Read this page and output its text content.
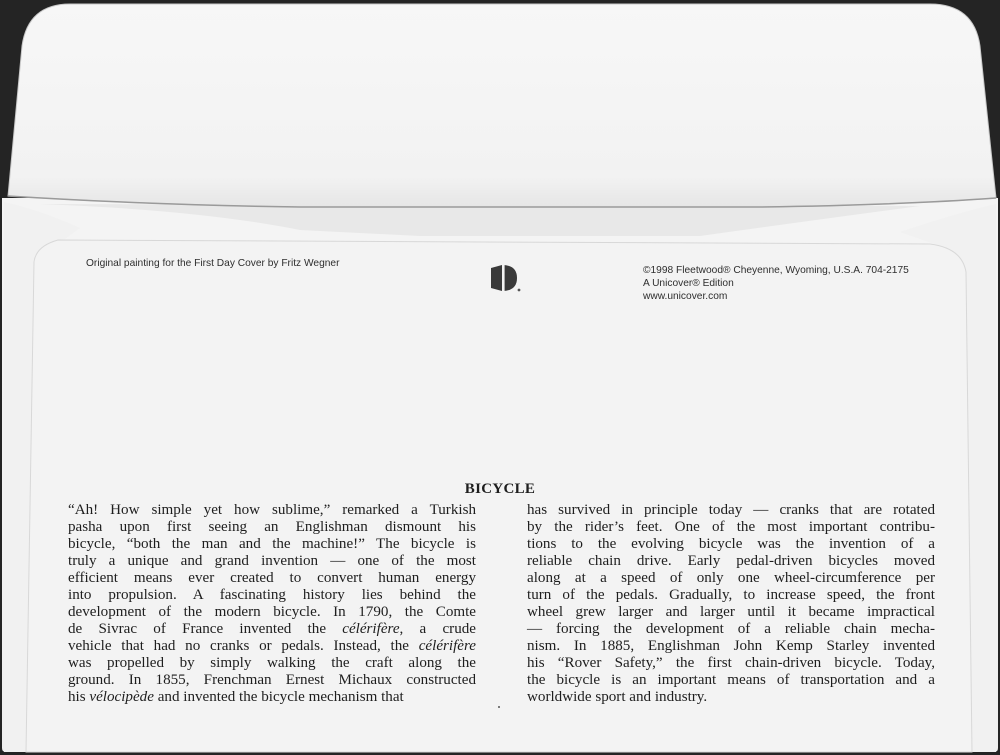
Original painting for the First Day Cover by Fritz Wegner
©1998 Fleetwood® Cheyenne, Wyoming, U.S.A. 704-2175
A Unicover® Edition
www.unicover.com
BICYCLE
“Ah! How simple yet how sublime,” remarked a Turkish
pasha upon first seeing an Englishman dismount his
bicycle, “both the man and the machine!” The bicycle is
truly a unique and grand invention — one of the most
efficient means ever created to convert human energy
into propulsion. A fascinating history lies behind the
development of the modern bicycle. In 1790, the Comte
de Sivrac of France invented the célérifère, a crude
vehicle that had no cranks or pedals. Instead, the célérifère
was propelled by simply walking the craft along the
ground. In 1855, Frenchman Ernest Michaux constructed
his vélocipède and invented the bicycle mechanism that
has survived in principle today — cranks that are rotated
by the rider’s feet. One of the most important contribu-
tions to the evolving bicycle was the invention of a
reliable chain drive. Early pedal-driven bicycles moved
along at a speed of only one wheel-circumference per
turn of the pedals. Gradually, to increase speed, the front
wheel grew larger and larger until it became impractical
— forcing the development of a reliable chain mecha-
nism. In 1885, Englishman John Kemp Starley invented
his “Rover Safety,” the first chain-driven bicycle. Today,
the bicycle is an important means of transportation and a
worldwide sport and industry.
